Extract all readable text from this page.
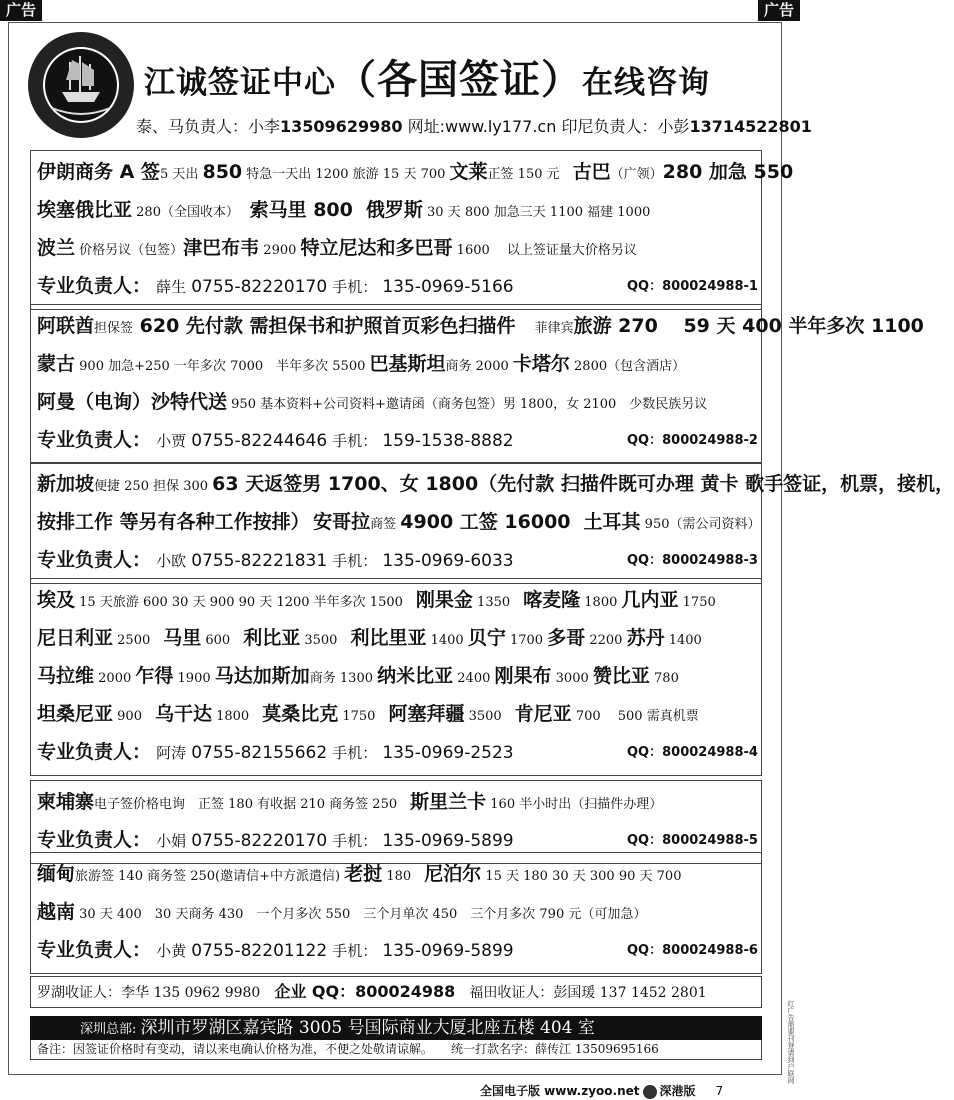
广告	广告
江诚签证中心（各国签证）在线咨询
泰、马负责人：小李13509629980 网址:www.ly177.cn 印尼负责人：小彭13714522801
伊朗商务 A 签5 天出 850 特急一天出 1200 旅游 15 天 700 文莱正签 150 元　古巴（广领）280 加急 550
埃塞俄比亚 280（全国收本）　 索马里 800　 俄罗斯 30 天 800 加急三天 1100 福建 1000
波兰 价格另议（包签）津巴布韦 2900 特立尼达和多巴哥 1600　 以上签证量大价格另议
专业负责人： 薛生 0755-82220170 手机： 135-0969-5166	QQ：800024988-1
阿联酋担保签 620 先付款 需担保书和护照首页彩色扫描件　菲律宾旅游 270　 59 天 400 半年多次 1100
蒙古 900 加急+250 一年多次 7000　半年多次 5500 巴基斯坦商务 2000 卡塔尔 2800（包含酒店）
阿曼（电询）沙特代送 950 基本资料+公司资料+邀请函（商务包签）男 1800，女 2100　少数民族另议
专业负责人： 小贾 0755-82244646 手机： 159-1538-8882	QQ：800024988-2
新加坡便捷 250 担保 300 63 天返签男 1700、女 1800（先付款 扫描件既可办理 黄卡 歌手签证，机票，接机，
按排工作 等另有各种工作按排）　 安哥拉商签 4900 工签 16000　 土耳其 950（需公司资料）
专业负责人： 小欧 0755-82221831 手机： 135-0969-6033	QQ：800024988-3
埃及 15 天旅游 600 30 天 900 90 天 1200 半年多次 1500　刚果金 1350　喀麦隆 1800 几内亚 1750
尼日利亚 2500　马里 600　利比亚 3500　利比里亚 1400 贝宁 1700 多哥 2200 苏丹 1400
马拉维 2000 乍得 1900 马达加斯加商务 1300 纳米比亚 2400 刚果布 3000 赞比亚 780
坦桑尼亚 900　乌干达 1800　莫桑比克 1750　阿塞拜疆 3500　肯尼亚 700　 500 需真机票
专业负责人： 阿涛 0755-82155662 手机： 135-0969-2523	QQ：800024988-4
柬埔寨电子签价格电询　正签 180 有收据 210 商务签 250　斯里兰卡 160 半小时出（扫描件办理）
专业负责人： 小娟 0755-82220170 手机： 135-0969-5899	QQ：800024988-5
缅甸旅游签 140 商务签 250(邀请信+中方派遣信) 老挝 180　尼泊尔 15 天 180 30 天 300 90 天 700
越南 30 天 400　30 天商务 430　一个月多次 550　三个月单次 450　三个月多次 790 元（可加急）
专业负责人： 小黄 0755-82201122 手机： 135-0969-5899	QQ：800024988-6
罗湖收证人：李华 135 0962 9980　企业 QQ：800024988　福田收证人：彭国瑗 137 1452 2801
深圳总部: 深圳市罗湖区嘉宾路 3005 号国际商业大厦北座五楼 404 室
备注：因签证价格时有变动，请以来电确认价格为准，不便之处敬请谅解。　　统一打款名字：薛传江 13509695166	红广告需要刊登请到户联网
全国电子版 www.zyoo.net 深港版 7
